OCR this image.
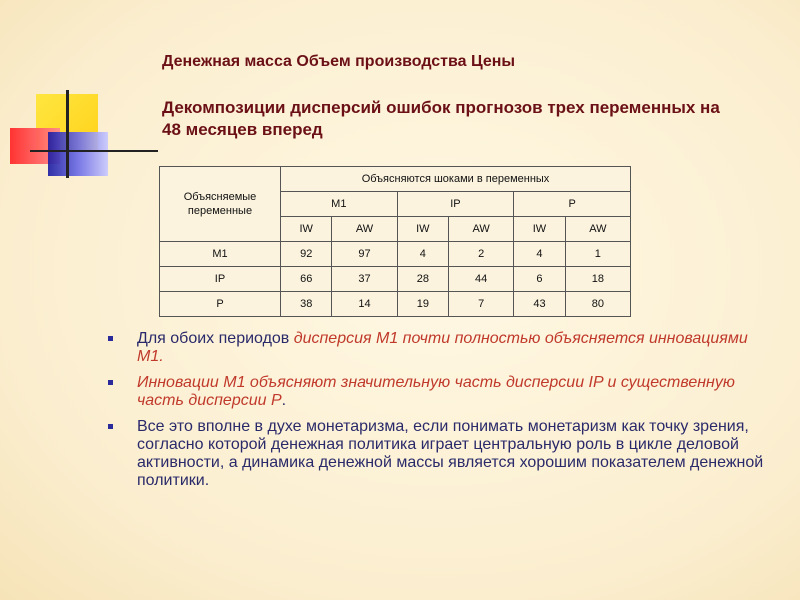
Денежная масса Объем производства Цены
Декомпозиции дисперсий ошибок прогнозов трех переменных на 48 месяцев вперед
Объясняемые переменные	Объясняются шоками в переменных					
	M1		IP		P	
	IW	AW	IW	AW	IW	AW
M1	92	97	4	2	4	1
IP	66	37	28	44	6	18
P	38	14	19	7	43	80
Для обоих периодов дисперсия М1 почти полностью объясняется инновациями М1.
Инновации М1 объясняют значительную часть дисперсии IP и существенную часть дисперсии P.
Все это вполне в духе монетаризма, если понимать монетаризм как точку зрения, согласно которой денежная политика играет центральную роль в цикле деловой активности, а динамика денежной массы является хорошим показателем денежной политики.
